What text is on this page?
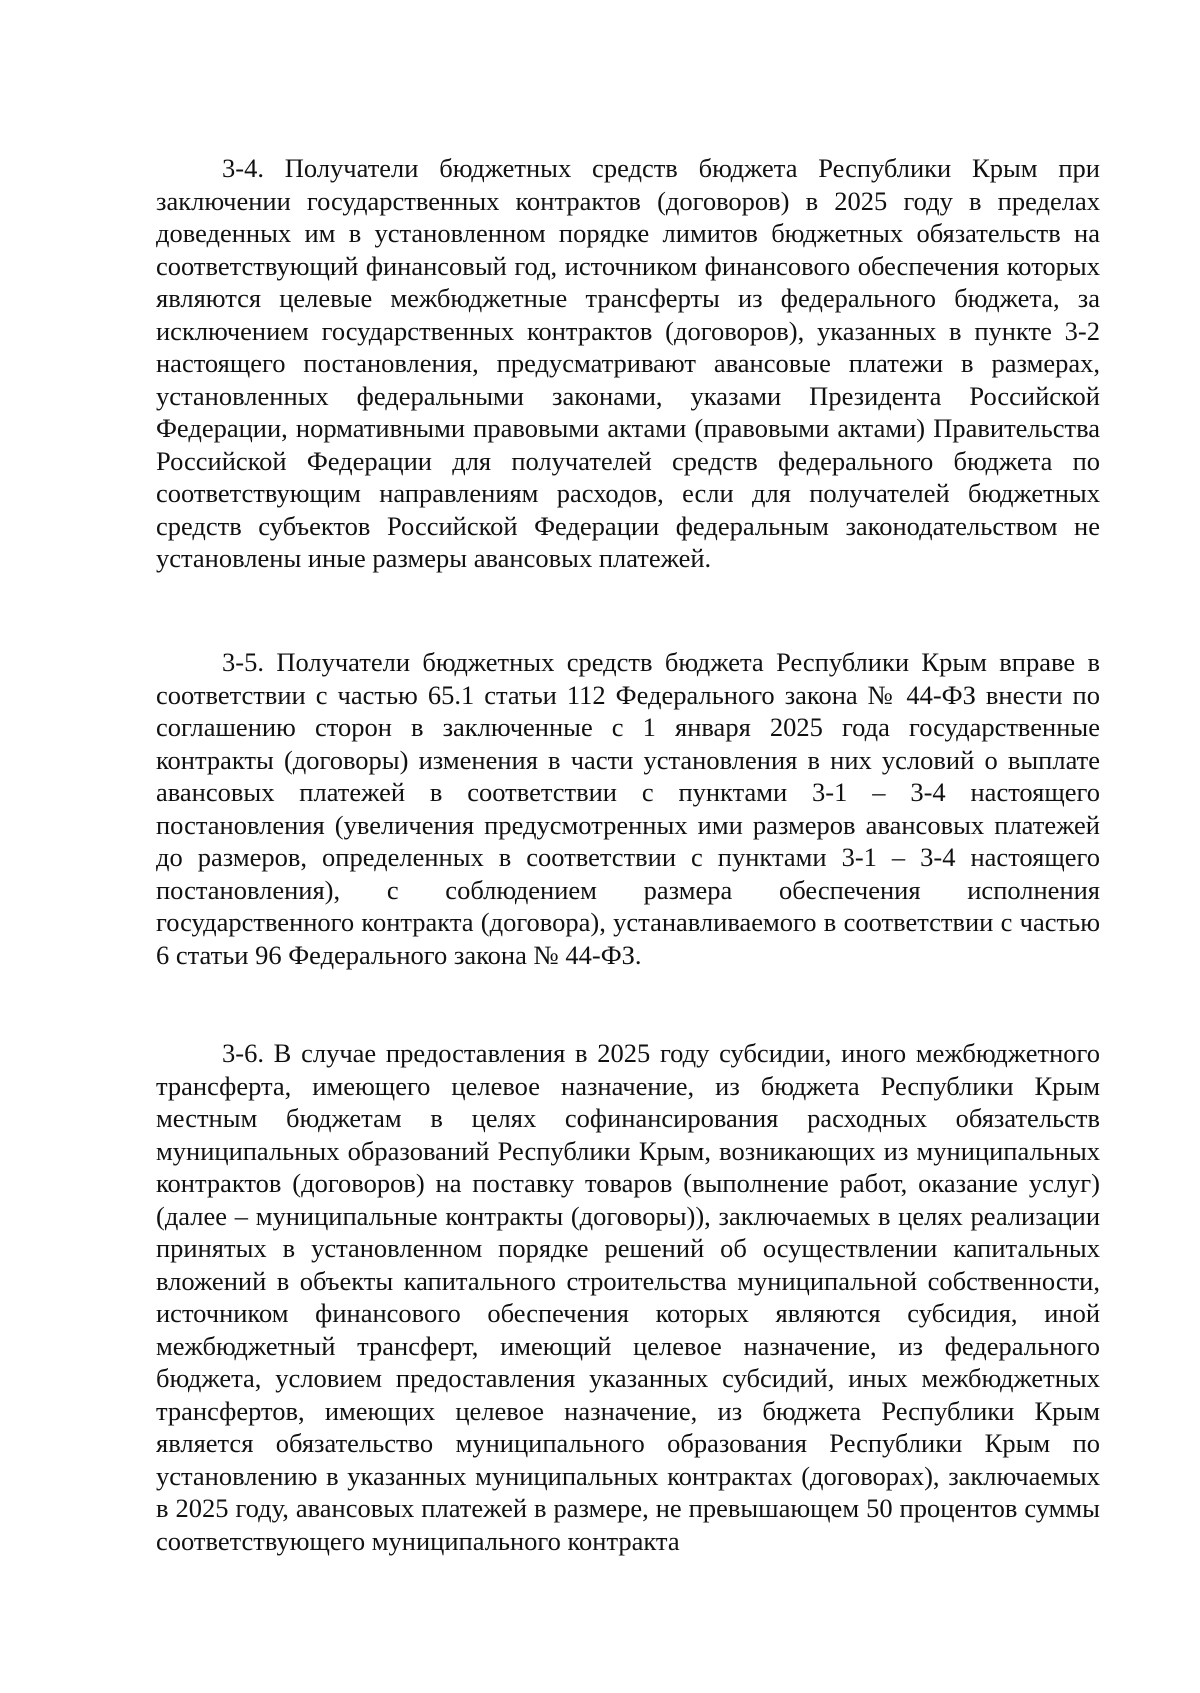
3-4. Получатели бюджетных средств бюджета Республики Крым при заключении государственных контрактов (договоров) в 2025 году в пределах доведенных им в установленном порядке лимитов бюджетных обязательств на соответствующий финансовый год, источником финансового обеспечения которых являются целевые межбюджетные трансферты из федерального бюджета, за исключением государственных контрактов (договоров), указанных в пункте 3-2 настоящего постановления, предусматривают авансовые платежи в размерах, установленных федеральными законами, указами Президента Российской Федерации, нормативными правовыми актами (правовыми актами) Правительства Российской Федерации для получателей средств федерального бюджета по соответствующим направлениям расходов, если для получателей бюджетных средств субъектов Российской Федерации федеральным законодательством не установлены иные размеры авансовых платежей.

3-5. Получатели бюджетных средств бюджета Республики Крым вправе в соответствии с частью 65.1 статьи 112 Федерального закона № 44-ФЗ внести по соглашению сторон в заключенные с 1 января 2025 года государственные контракты (договоры) изменения в части установления в них условий о выплате авансовых платежей в соответствии с пунктами 3-1 – 3-4 настоящего постановления (увеличения предусмотренных ими размеров авансовых платежей до размеров, определенных в соответствии с пунктами 3-1 – 3-4 настоящего постановления), с соблюдением размера обеспечения исполнения государственного контракта (договора), устанавливаемого в соответствии с частью 6 статьи 96 Федерального закона № 44-ФЗ.

3-6. В случае предоставления в 2025 году субсидии, иного межбюджетного трансферта, имеющего целевое назначение, из бюджета Республики Крым местным бюджетам в целях софинансирования расходных обязательств муниципальных образований Республики Крым, возникающих из муниципальных контрактов (договоров) на поставку товаров (выполнение работ, оказание услуг) (далее – муниципальные контракты (договоры)), заключаемых в целях реализации принятых в установленном порядке решений об осуществлении капитальных вложений в объекты капитального строительства муниципальной собственности, источником финансового обеспечения которых являются субсидия, иной межбюджетный трансферт, имеющий целевое назначение, из федерального бюджета, условием предоставления указанных субсидий, иных межбюджетных трансфертов, имеющих целевое назначение, из бюджета Республики Крым является обязательство муниципального образования Республики Крым по установлению в указанных муниципальных контрактах (договорах), заключаемых в 2025 году, авансовых платежей в размере, не превышающем 50 процентов суммы соответствующего муниципального контракта
